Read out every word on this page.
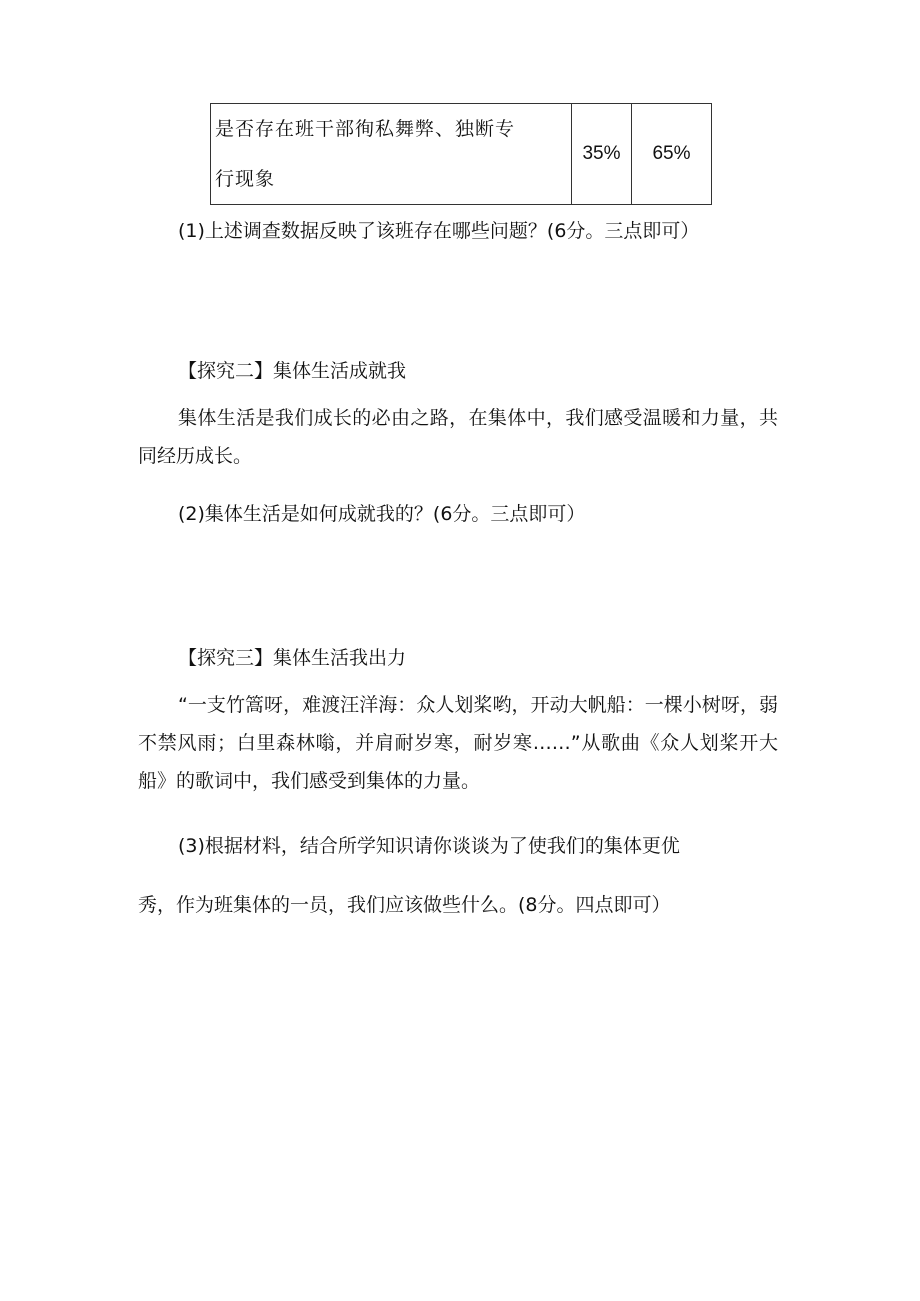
是否存在班干部徇私舞弊、独断专
行现象
	35%	65%

(1)上述调查数据反映了该班存在哪些问题？(6分。三点即可）

【探究二】集体生活成就我

集体生活是我们成长的必由之路，在集体中，我们感受温暖和力量，共同经历成长。

(2)集体生活是如何成就我的？(6分。三点即可）

【探究三】集体生活我出力

“一支竹篙呀，难渡汪洋海：众人划桨哟，开动大帆船：一棵小树呀，弱不禁风雨；白里森林嗡，并肩耐岁寒，耐岁寒……”从歌曲《众人划桨开大船》的歌词中，我们感受到集体的力量。

(3)根据材料，结合所学知识请你谈谈为了使我们的集体更优

秀，作为班集体的一员，我们应该做些什么。(8分。四点即可）
